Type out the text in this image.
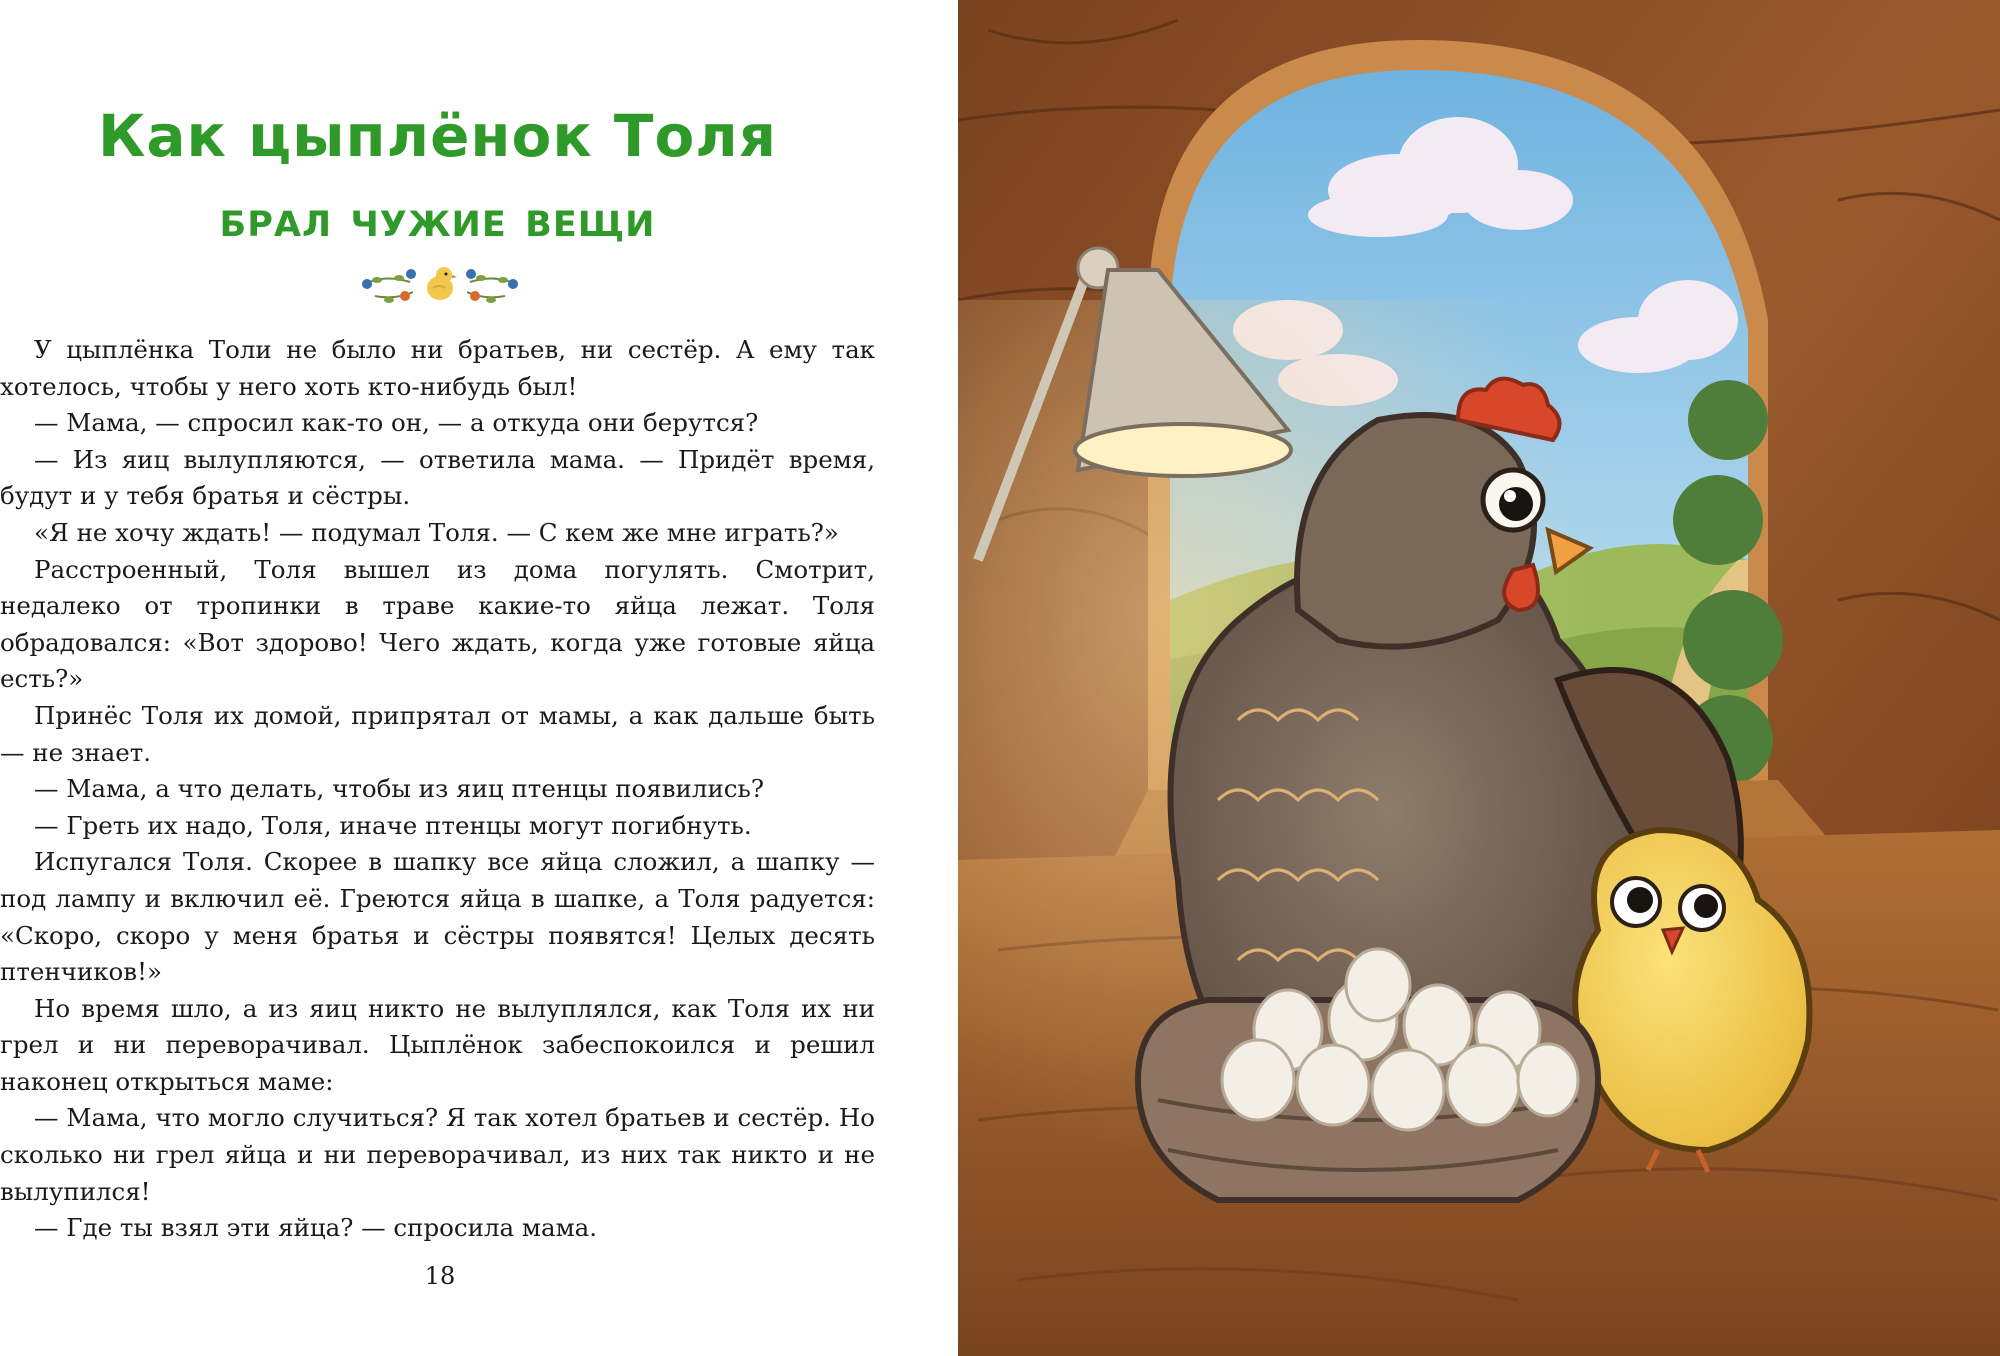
Как цыплёнок Толя
брал чужие вещи

У цыплёнка Толи не было ни братьев, ни сестёр. А ему так хотелось, чтобы у него хоть кто-нибудь был!

— Мама, — спросил как-то он, — а откуда они берутся?

— Из яиц вылупляются, — ответила мама. — Придёт время, будут и у тебя братья и сёстры.

«Я не хочу ждать! — подумал Толя. — С кем же мне играть?»

Расстроенный, Толя вышел из дома погулять. Смотрит, недалеко от тропинки в траве какие-то яйца лежат. Толя обрадовался: «Вот здорово! Чего ждать, когда уже готовые яйца есть?»

Принёс Толя их домой, припрятал от мамы, а как дальше быть — не знает.

— Мама, а что делать, чтобы из яиц птенцы появились?

— Греть их надо, Толя, иначе птенцы могут погибнуть.

Испугался Толя. Скорее в шапку все яйца сложил, а шапку — под лампу и включил её. Греются яйца в шапке, а Толя радуется: «Скоро, скоро у меня братья и сёстры появятся! Целых десять птенчиков!»

Но время шло, а из яиц никто не вылуплялся, как Толя их ни грел и ни переворачивал. Цыплёнок забеспокоился и решил наконец открыться маме:

— Мама, что могло случиться? Я так хотел братьев и сестёр. Но сколько ни грел яйца и ни переворачивал, из них так никто и не вылупился!

— Где ты взял эти яйца? — спросила мама.

18
